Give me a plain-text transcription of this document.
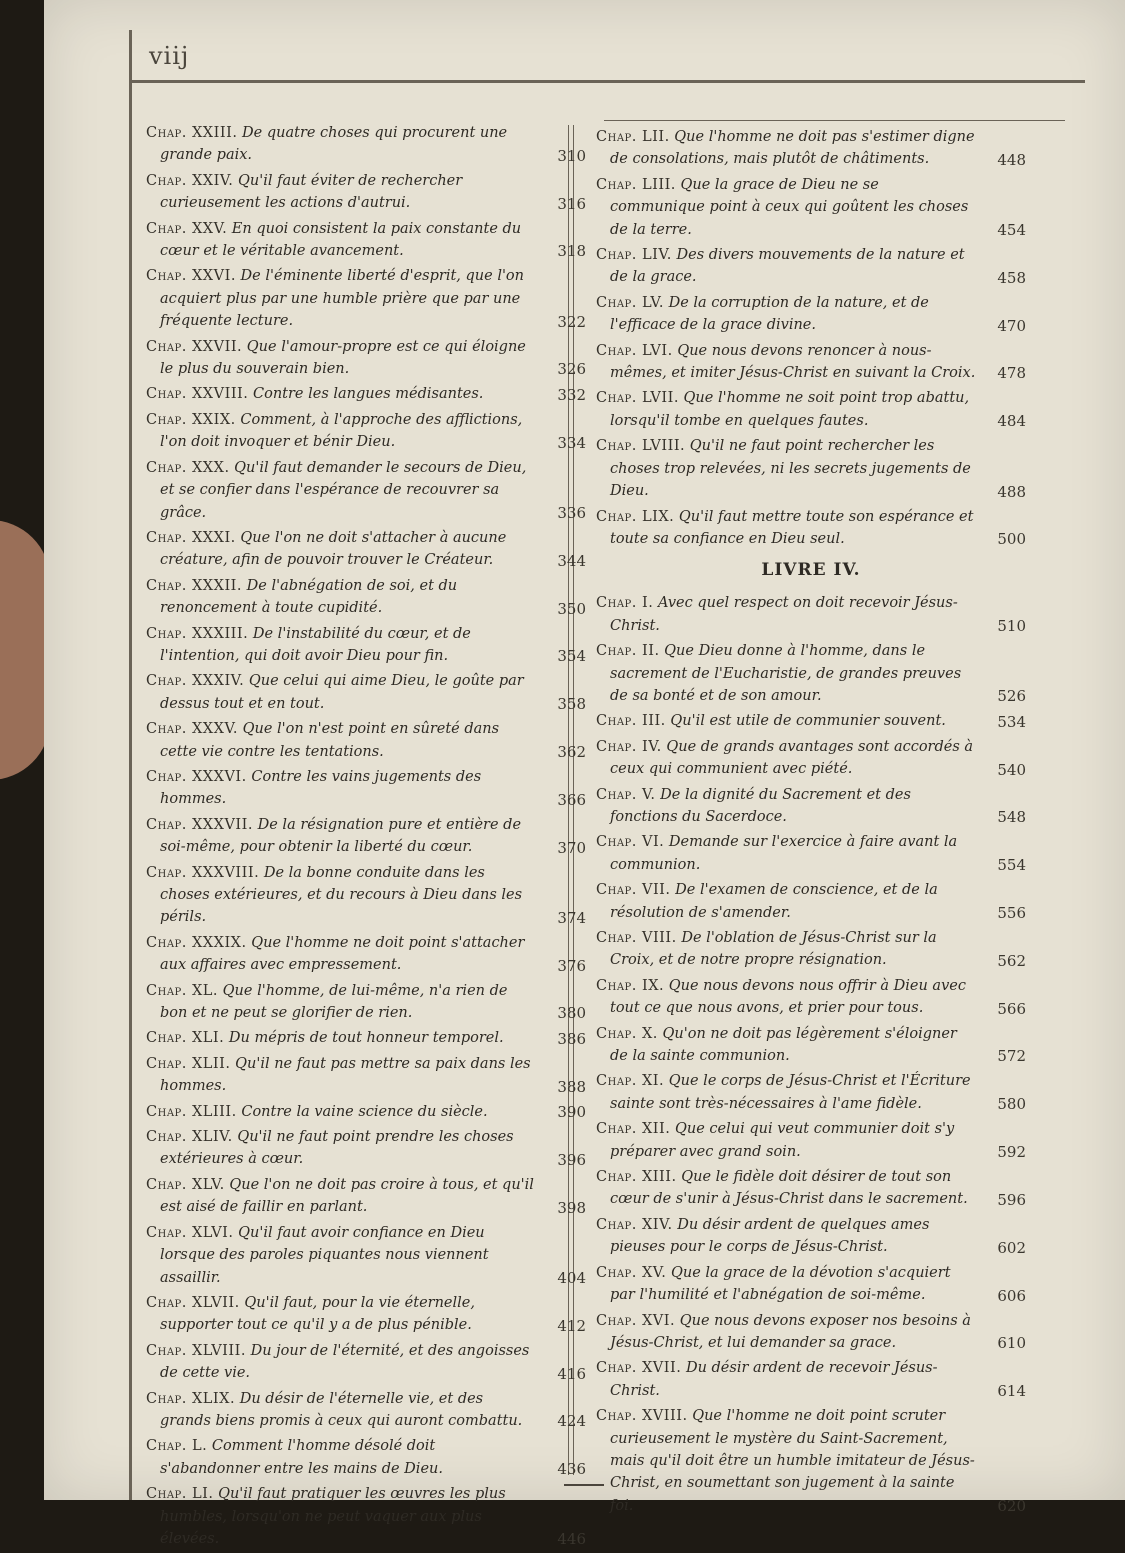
viij
Chap. XXIII. De quatre choses qui procurent une grande paix.	310
Chap. XXIV. Qu'il faut éviter de rechercher curieusement les actions d'autrui.	316
Chap. XXV. En quoi consistent la paix constante du cœur et le véritable avancement.	318
Chap. XXVI. De l'éminente liberté d'esprit, que l'on acquiert plus par une humble prière que par une fréquente lecture.	322
Chap. XXVII. Que l'amour-propre est ce qui éloigne le plus du souverain bien.	326
Chap. XXVIII. Contre les langues médisantes.	332
Chap. XXIX. Comment, à l'approche des afflictions, l'on doit invoquer et bénir Dieu.	334
Chap. XXX. Qu'il faut demander le secours de Dieu, et se confier dans l'espérance de recouvrer sa grâce.	336
Chap. XXXI. Que l'on ne doit s'attacher à aucune créature, afin de pouvoir trouver le Créateur.	344
Chap. XXXII. De l'abnégation de soi, et du renoncement à toute cupidité.	350
Chap. XXXIII. De l'instabilité du cœur, et de l'intention, qui doit avoir Dieu pour fin.	354
Chap. XXXIV. Que celui qui aime Dieu, le goûte par dessus tout et en tout.	358
Chap. XXXV. Que l'on n'est point en sûreté dans cette vie contre les tentations.	362
Chap. XXXVI. Contre les vains jugements des hommes.	366
Chap. XXXVII. De la résignation pure et entière de soi-même, pour obtenir la liberté du cœur.	370
Chap. XXXVIII. De la bonne conduite dans les choses extérieures, et du recours à Dieu dans les périls.	374
Chap. XXXIX. Que l'homme ne doit point s'attacher aux affaires avec empressement.	376
Chap. XL. Que l'homme, de lui-même, n'a rien de bon et ne peut se glorifier de rien.	380
Chap. XLI. Du mépris de tout honneur temporel.	386
Chap. XLII. Qu'il ne faut pas mettre sa paix dans les hommes.	388
Chap. XLIII. Contre la vaine science du siècle.	390
Chap. XLIV. Qu'il ne faut point prendre les choses extérieures à cœur.	396
Chap. XLV. Que l'on ne doit pas croire à tous, et qu'il est aisé de faillir en parlant.	398
Chap. XLVI. Qu'il faut avoir confiance en Dieu lorsque des paroles piquantes nous viennent assaillir.	404
Chap. XLVII. Qu'il faut, pour la vie éternelle, supporter tout ce qu'il y a de plus pénible.	412
Chap. XLVIII. Du jour de l'éternité, et des angoisses de cette vie.	416
Chap. XLIX. Du désir de l'éternelle vie, et des grands biens promis à ceux qui auront combattu.	424
Chap. L. Comment l'homme désolé doit s'abandonner entre les mains de Dieu.	436
Chap. LI. Qu'il faut pratiquer les œuvres les plus humbles, lorsqu'on ne peut vaquer aux plus élevées.	446
Chap. LII. Que l'homme ne doit pas s'estimer digne de consolations, mais plutôt de châtiments.	448
Chap. LIII. Que la grace de Dieu ne se communique point à ceux qui goûtent les choses de la terre.	454
Chap. LIV. Des divers mouvements de la nature et de la grace.	458
Chap. LV. De la corruption de la nature, et de l'efficace de la grace divine.	470
Chap. LVI. Que nous devons renoncer à nous-mêmes, et imiter Jésus-Christ en suivant la Croix.	478
Chap. LVII. Que l'homme ne soit point trop abattu, lorsqu'il tombe en quelques fautes.	484
Chap. LVIII. Qu'il ne faut point rechercher les choses trop relevées, ni les secrets jugements de Dieu.	488
Chap. LIX. Qu'il faut mettre toute son espérance et toute sa confiance en Dieu seul.	500
LIVRE IV.
Chap. I. Avec quel respect on doit recevoir Jésus-Christ.	510
Chap. II. Que Dieu donne à l'homme, dans le sacrement de l'Eucharistie, de grandes preuves de sa bonté et de son amour.	526
Chap. III. Qu'il est utile de communier souvent.	534
Chap. IV. Que de grands avantages sont accordés à ceux qui communient avec piété.	540
Chap. V. De la dignité du Sacrement et des fonctions du Sacerdoce.	548
Chap. VI. Demande sur l'exercice à faire avant la communion.	554
Chap. VII. De l'examen de conscience, et de la résolution de s'amender.	556
Chap. VIII. De l'oblation de Jésus-Christ sur la Croix, et de notre propre résignation.	562
Chap. IX. Que nous devons nous offrir à Dieu avec tout ce que nous avons, et prier pour tous.	566
Chap. X. Qu'on ne doit pas légèrement s'éloigner de la sainte communion.	572
Chap. XI. Que le corps de Jésus-Christ et l'Écriture sainte sont très-nécessaires à l'ame fidèle.	580
Chap. XII. Que celui qui veut communier doit s'y préparer avec grand soin.	592
Chap. XIII. Que le fidèle doit désirer de tout son cœur de s'unir à Jésus-Christ dans le sacrement.	596
Chap. XIV. Du désir ardent de quelques ames pieuses pour le corps de Jésus-Christ.	602
Chap. XV. Que la grace de la dévotion s'acquiert par l'humilité et l'abnégation de soi-même.	606
Chap. XVI. Que nous devons exposer nos besoins à Jésus-Christ, et lui demander sa grace.	610
Chap. XVII. Du désir ardent de recevoir Jésus-Christ.	614
Chap. XVIII. Que l'homme ne doit point scruter curieusement le mystère du Saint-Sacrement, mais qu'il doit être un humble imitateur de Jésus-Christ, en soumettant son jugement à la sainte foi.	620
